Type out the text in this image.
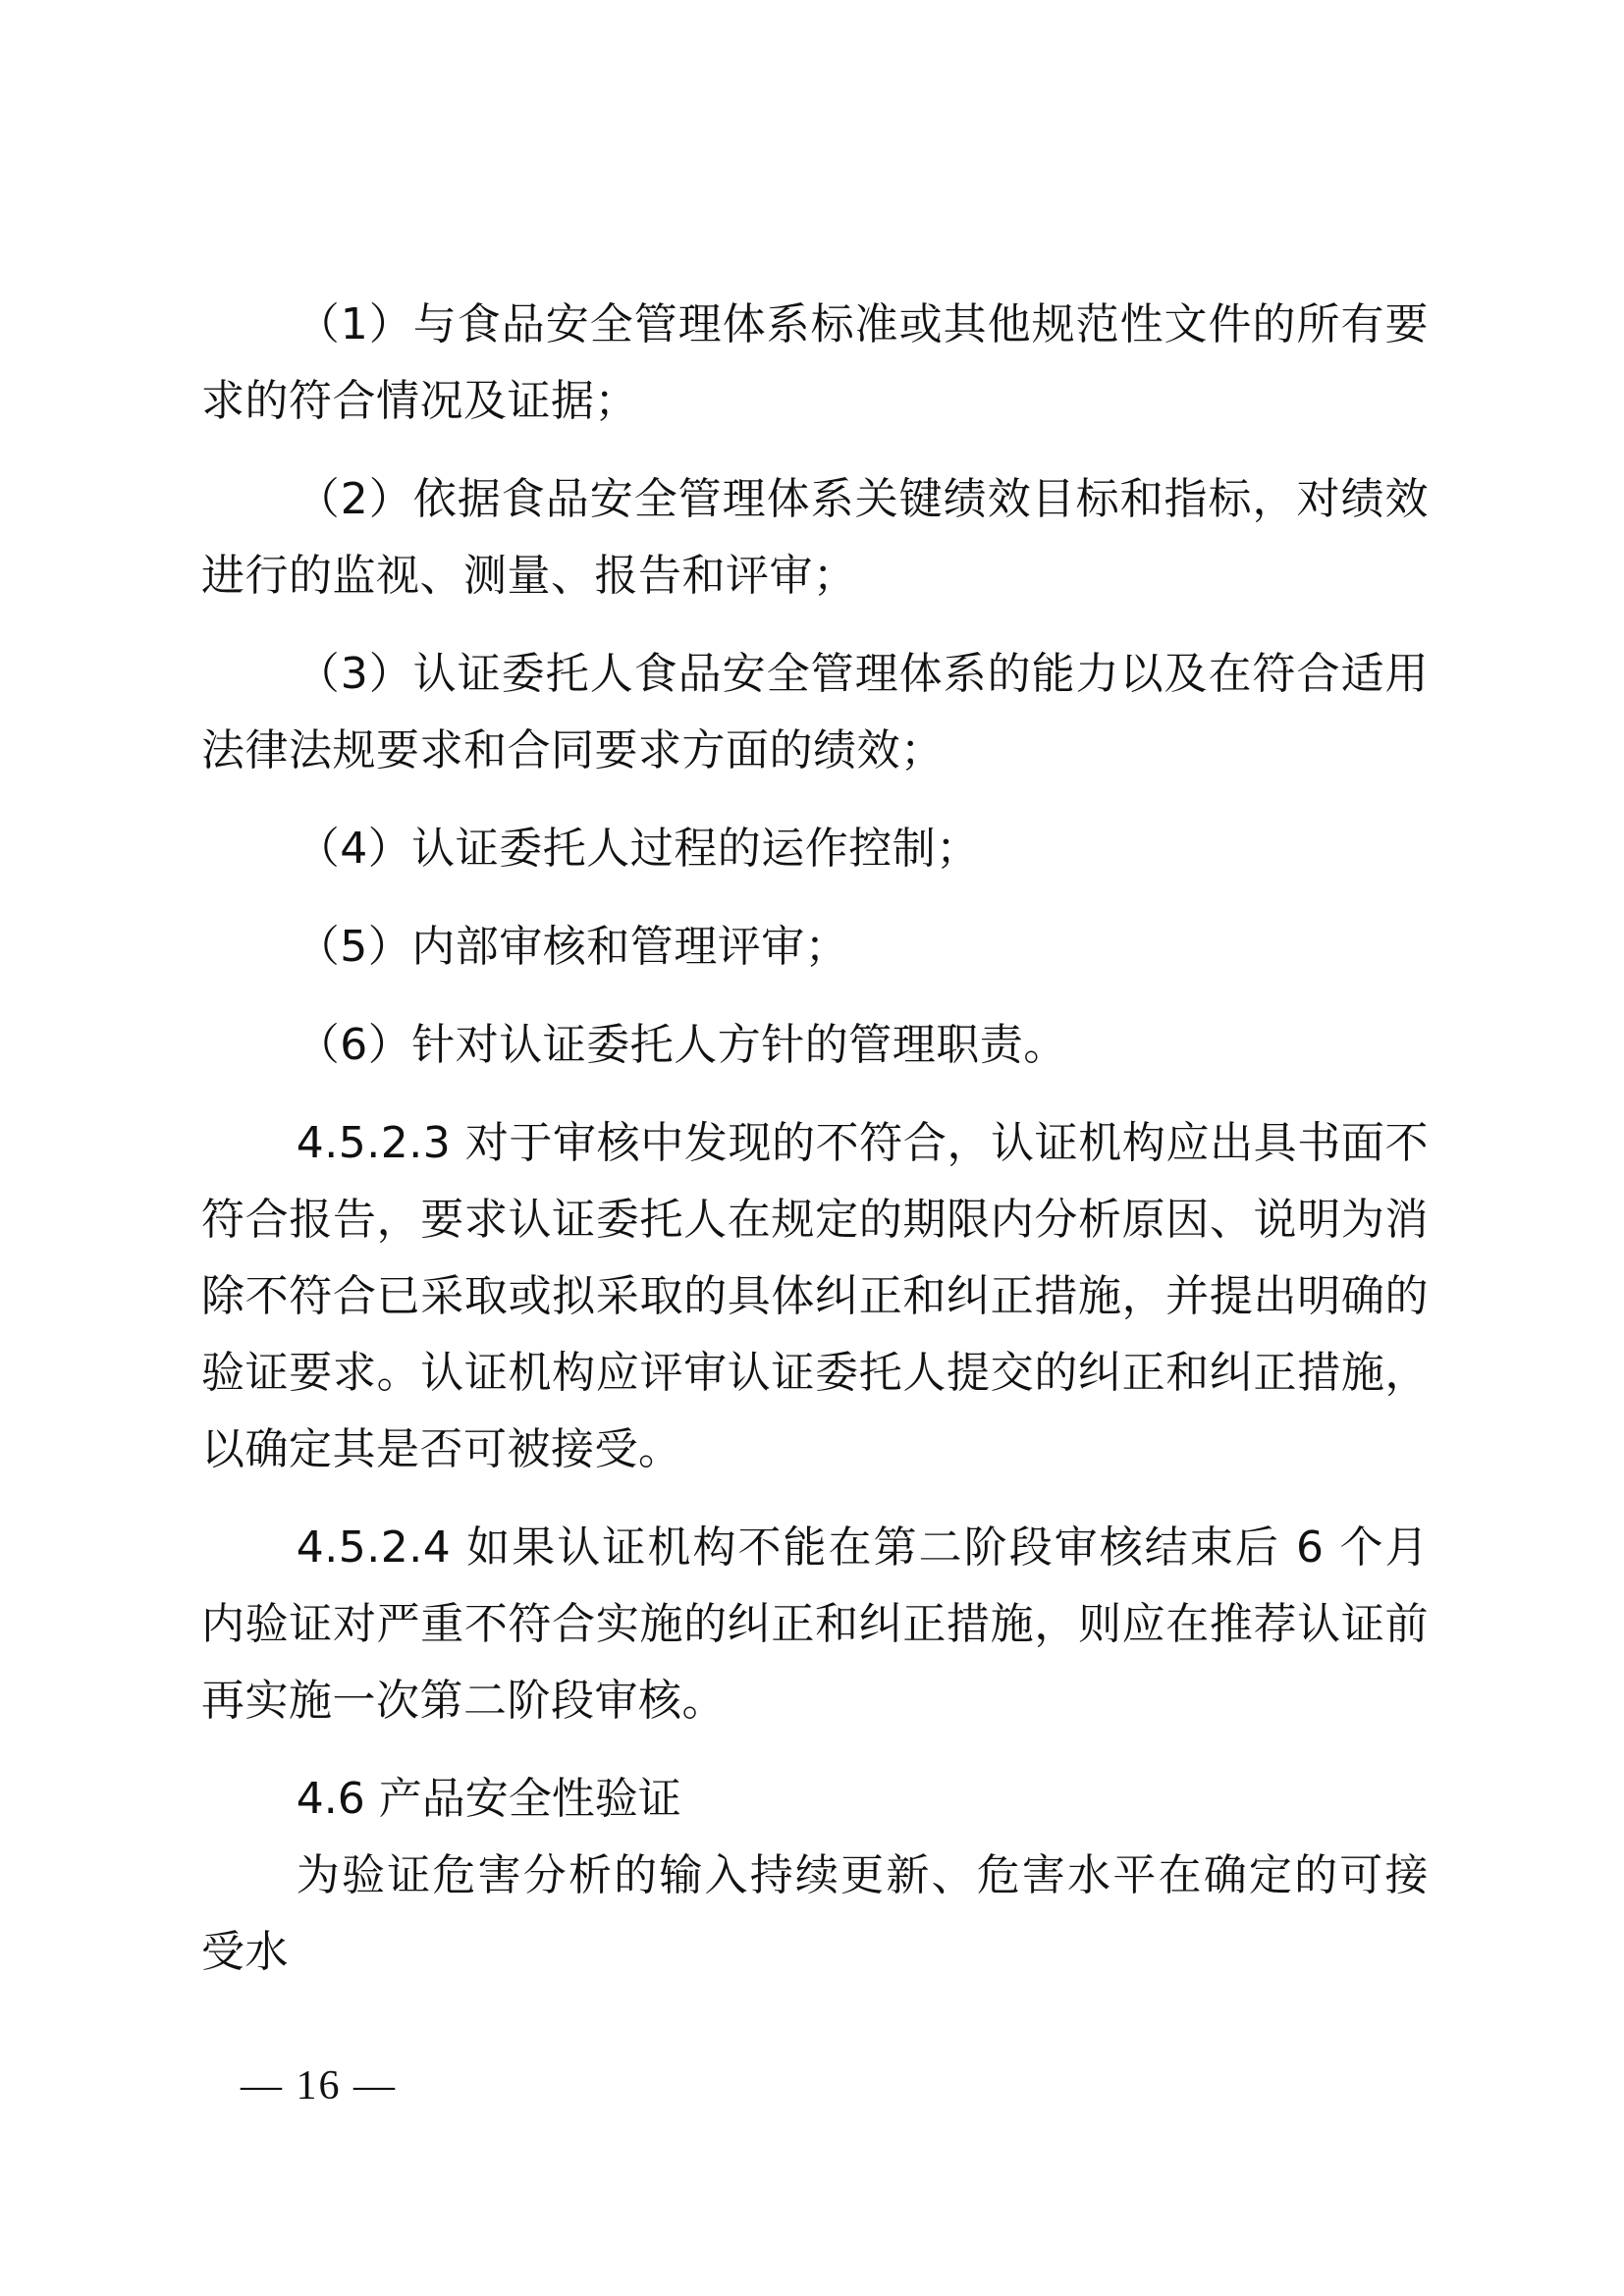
（1）与食品安全管理体系标准或其他规范性文件的所有要求的符合情况及证据；

（2）依据食品安全管理体系关键绩效目标和指标，对绩效进行的监视、测量、报告和评审；

（3）认证委托人食品安全管理体系的能力以及在符合适用法律法规要求和合同要求方面的绩效；

（4）认证委托人过程的运作控制；

（5）内部审核和管理评审；

（6）针对认证委托人方针的管理职责。

4.5.2.3 对于审核中发现的不符合，认证机构应出具书面不符合报告，要求认证委托人在规定的期限内分析原因、说明为消除不符合已采取或拟采取的具体纠正和纠正措施，并提出明确的验证要求。认证机构应评审认证委托人提交的纠正和纠正措施，以确定其是否可被接受。

4.5.2.4 如果认证机构不能在第二阶段审核结束后 6 个月内验证对严重不符合实施的纠正和纠正措施，则应在推荐认证前再实施一次第二阶段审核。

4.6 产品安全性验证

为验证危害分析的输入持续更新、危害水平在确定的可接受水

— 16 —
